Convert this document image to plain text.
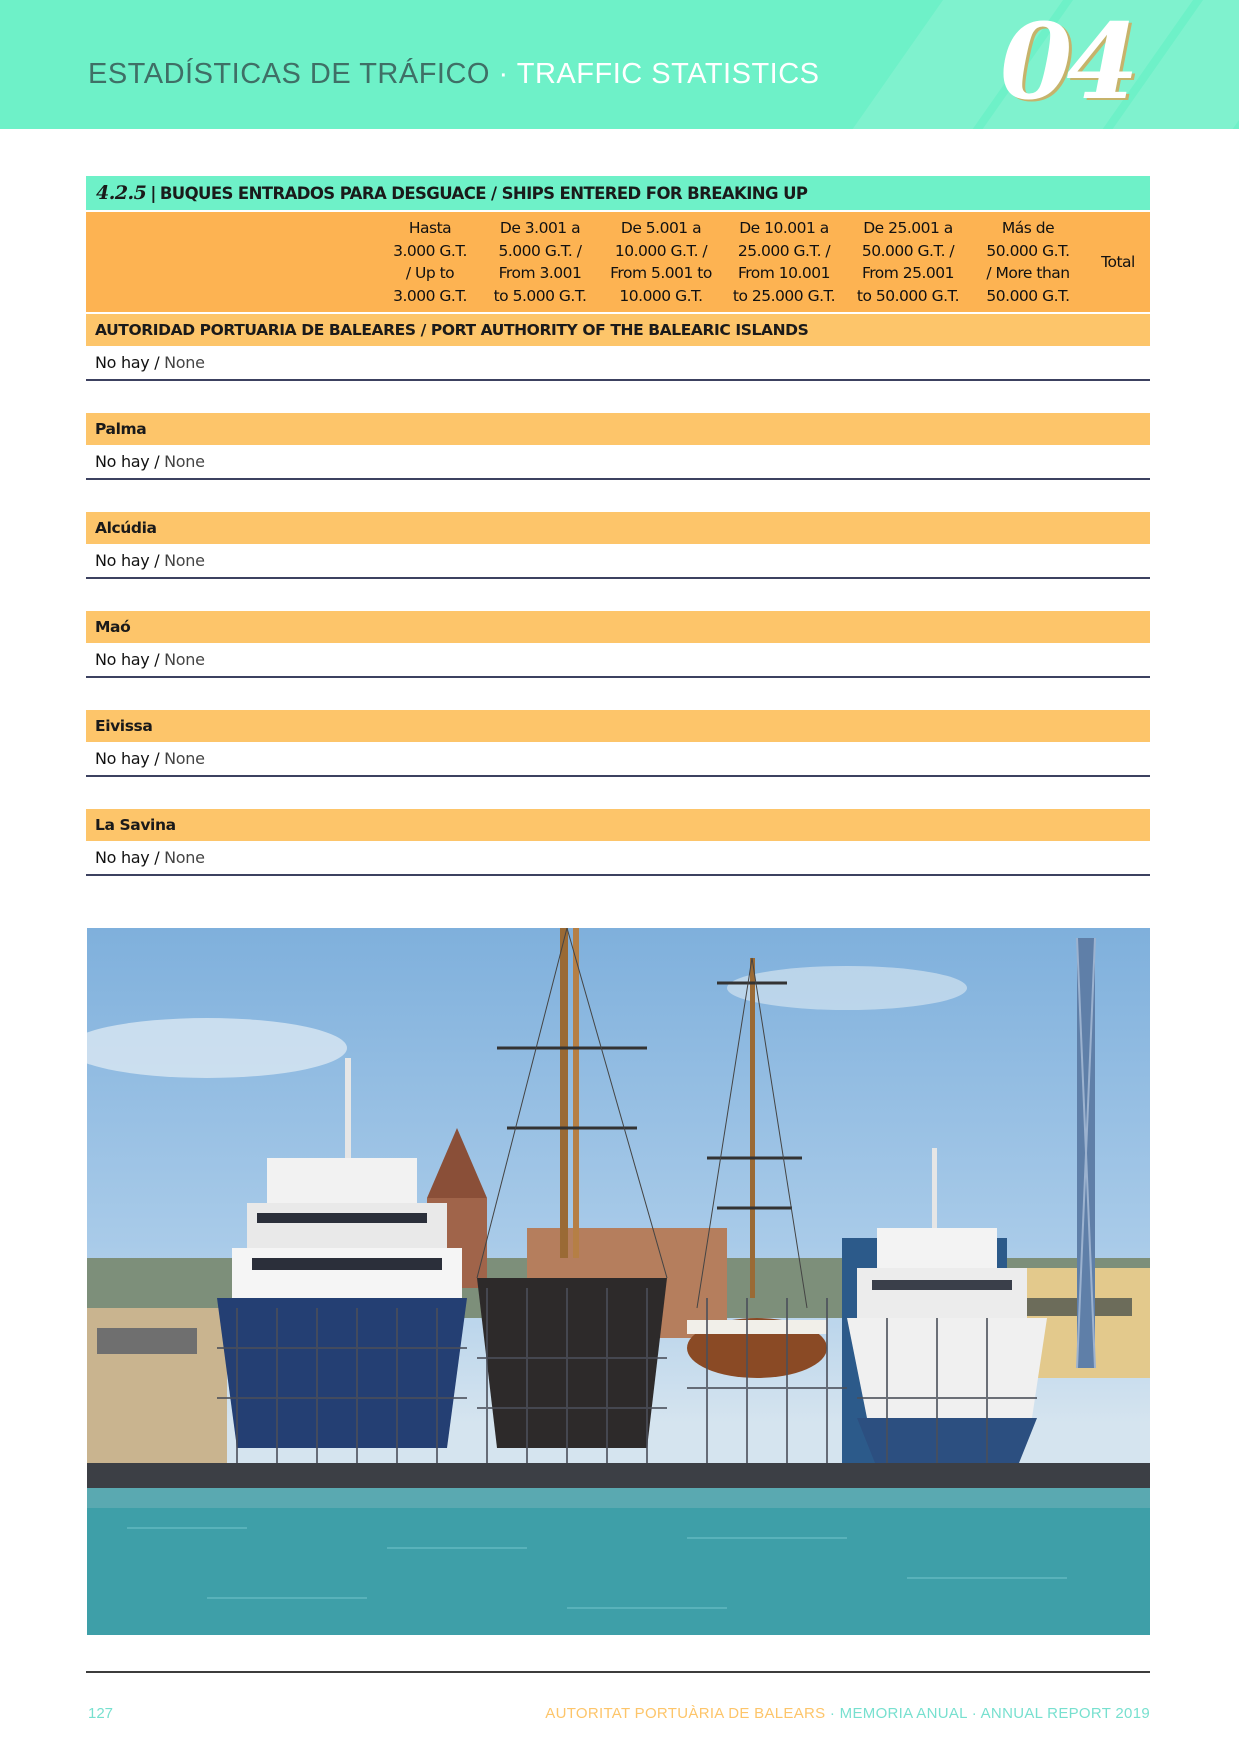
ESTADÍSTICAS DE TRÁFICO · TRAFFIC STATISTICS 04
4.2.5 | BUQUES ENTRADOS PARA DESGUACE / SHIPS ENTERED FOR BREAKING UP
Hasta
3.000 G.T.
/ Up to
3.000 G.T.
De 3.001 a
5.000 G.T. /
From 3.001
to 5.000 G.T.
De 5.001 a
10.000 G.T. /
From 5.001 to
10.000 G.T.
De 10.001 a
25.000 G.T. /
From 10.001
to 25.000 G.T.
De 25.001 a
50.000 G.T. /
From 25.001
to 50.000 G.T.
Más de
50.000 G.T.
/ More than
50.000 G.T.
Total
AUTORIDAD PORTUARIA DE BALEARES / PORT AUTHORITY OF THE BALEARIC ISLANDS
No hay / None
Palma
No hay / None
Alcúdia
No hay / None
Maó
No hay / None
Eivissa
No hay / None
La Savina
No hay / None
127	AUTORITAT PORTUÀRIA DE BALEARS · MEMORIA ANUAL · ANNUAL REPORT 2019
